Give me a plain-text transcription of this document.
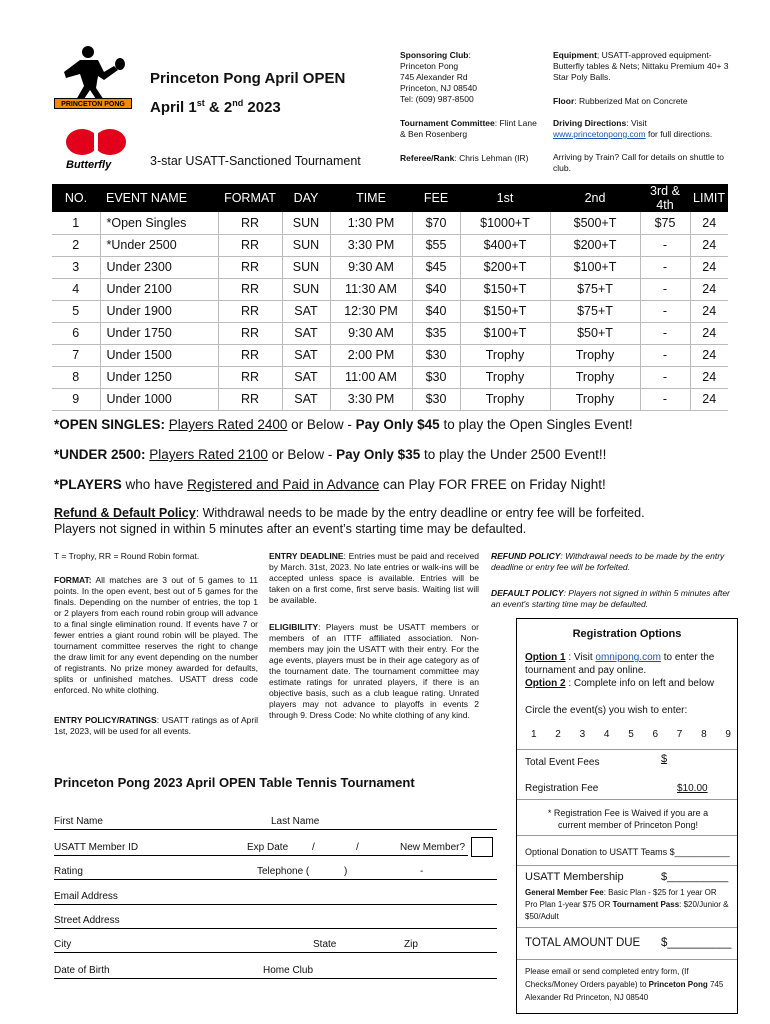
PRINCETON PONG
Butterfly
Princeton Pong April OPEN
April 1st & 2nd 2023
3-star USATT-Sanctioned Tournament
Sponsoring Club:
Princeton Pong
745 Alexander Rd
Princeton, NJ 08540
Tel: (609) 987-8500
Equipment; USATT-approved equipment- Butterfly tables & Nets; Nittaku Premium 40+ 3 Star Poly Balls.
Floor: Rubberized Mat on Concrete
Tournament Committee: Flint Lane & Ben Rosenberg
Driving Directions: Visit
www.princetonpong.com for full directions.
Referee/Rank: Chris Lehman (IR)	Arriving by Train? Call for details on shuttle to club.
NO.	EVENT NAME	FORMAT	DAY	TIME	FEE	1st	2nd	3rd & 4th	LIMIT
1	*Open Singles	RR	SUN	1:30 PM	$70	$1000+T	$500+T	$75	24
2	*Under 2500	RR	SUN	3:30 PM	$55	$400+T	$200+T	-	24
3	Under 2300	RR	SUN	9:30 AM	$45	$200+T	$100+T	-	24
4	Under 2100	RR	SUN	11:30 AM	$40	$150+T	$75+T	-	24
5	Under 1900	RR	SAT	12:30 PM	$40	$150+T	$75+T	-	24
6	Under 1750	RR	SAT	9:30 AM	$35	$100+T	$50+T	-	24
7	Under 1500	RR	SAT	2:00 PM	$30	Trophy	Trophy	-	24
8	Under 1250	RR	SAT	11:00 AM	$30	Trophy	Trophy	-	24
9	Under 1000	RR	SAT	3:30 PM	$30	Trophy	Trophy	-	24
*OPEN SINGLES: Players Rated 2400 or Below - Pay Only $45 to play the Open Singles Event!
*UNDER 2500: Players Rated 2100 or Below - Pay Only $35 to play the Under 2500 Event!!
*PLAYERS who have Registered and Paid in Advance can Play FOR FREE on Friday Night!
Refund & Default Policy: Withdrawal needs to be made by the entry deadline or entry fee will be forfeited.
Players not signed in within 5 minutes after an event’s starting time may be defaulted.
T = Trophy, RR = Round Robin format.
FORMAT: All matches are 3 out of 5 games to 11 points. In the open event, best out of 5 games for the finals. Depending on the number of entries, the top 1 or 2 players from each round robin group will advance to a final single elimination round. If events have 7 or fewer entries a giant round robin will be played. The tournament committee reserves the right to change the draw limit for any event depending on the number of registrants. No prize money awarded for defaults, splits or unfinished matches. USATT dress code enforced. No white clothing.
ENTRY POLICY/RATINGS: USATT ratings as of April 1st, 2023, will be used for all events.
ENTRY DEADLINE: Entries must be paid and received by March. 31st, 2023. No late entries or walk-ins will be accepted unless space is available. Entries will be taken on a first come, first serve basis. Waiting list will be available.
ELIGIBILITY: Players must be USATT members or members of an ITTF affiliated association. Non-members may join the USATT with their entry. For the age events, players must be in their age category as of the tournament date. The tournament committee may estimate ratings for unrated players, if there is an objective basis, such as a club league rating. Unrated players may not advance to playoffs in events 2 through 9. Dress Code: No white clothing of any kind.
REFUND POLICY: Withdrawal needs to be made by the entry deadline or entry fee will be forfeited.
DEFAULT POLICY: Players not signed in within 5 minutes after an event's starting time may be defaulted.
Princeton Pong 2023 April OPEN Table Tennis Tournament
First Name	Last Name
USATT Member ID	Exp Date /	/	New Member?
Rating	Telephone (	)	-
Email Address
Street Address
City	State	Zip
Date of Birth	Home Club
Registration Options
Option 1 : Visit omnipong.com to enter the tournament and pay online.
Option 2 : Complete info on left and below
Circle the event(s) you wish to enter:
1 2 3 4 5 6 7 8 9
Total Event Fees	$
Registration Fee	$10.00
* Registration Fee is Waived if you are a current member of Princeton Pong!
Optional Donation to USATT Teams $___________
USATT Membership	$__________
General Member Fee: Basic Plan - $25 for 1 year OR Pro Plan 1-year $75 OR Tournament Pass: $20/Junior & $50/Adult
TOTAL AMOUNT DUE $__________
Please email or send completed entry form, (If Checks/Money Orders payable) to Princeton Pong 745 Alexander Rd Princeton, NJ 08540
